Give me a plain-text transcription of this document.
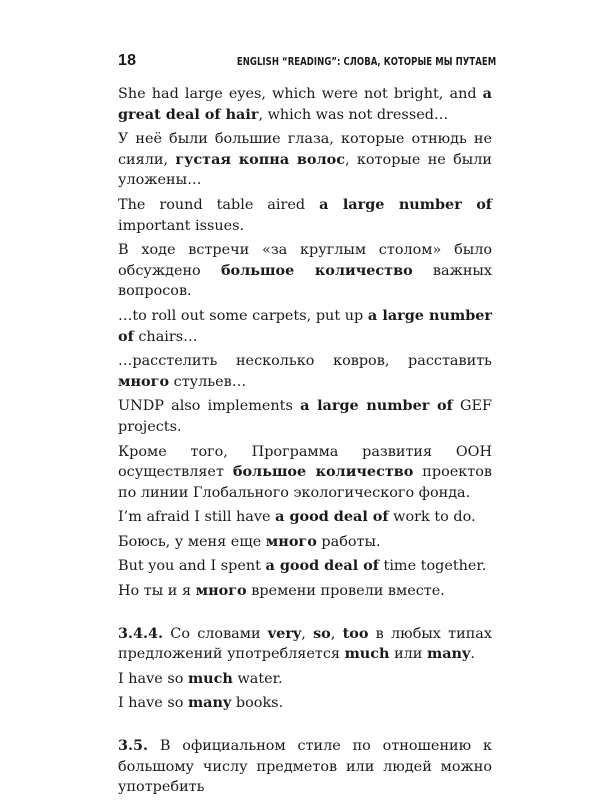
18	ENGLISH “READING”: СЛОВА, КОТОРЫЕ МЫ ПУТАЕМ

She had large eyes, which were not bright, and a great deal of hair, which was not dressed…

У неё были большие глаза, которые отнюдь не сияли, густая копна волос, которые не были уложены…

The round table aired a large number of important issues.

В ходе встречи «за круглым столом» было обсуждено большое количество важных вопросов.

…to roll out some carpets, put up a large number of chairs…

…расстелить несколько ковров, расставить много стульев…

UNDP also implements a large number of GEF projects.

Кроме того, Программа развития ООН осуществляет большое количество проектов по линии Глобального экологического фонда.

I’m afraid I still have a good deal of work to do.

Боюсь, у меня еще много работы.

But you and I spent a good deal of time together.

Но ты и я много времени провели вместе.

3.4.4. Со словами very, so, too в любых типах предложений употребляется much или many.

I have so much water.

I have so many books.

3.5. В официальном стиле по отношению к большому числу предметов или людей можно употребить
